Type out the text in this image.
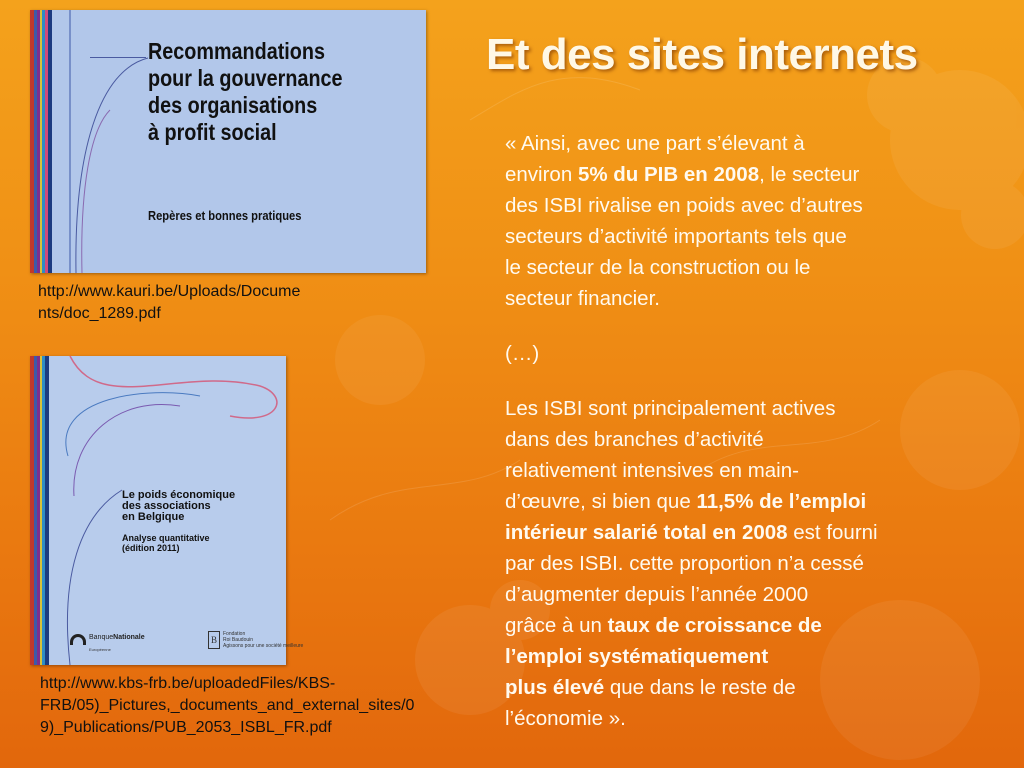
Et des sites internets
Recommandations
pour la gouvernance
des organisations
à profit social
Repères et bonnes pratiques

http://www.kauri.be/Uploads/Docume
nts/doc_1289.pdf

Le poids économique
des associations
en Belgique
Analyse quantitative
(édition 2011)
BanqueNationale
Européenne
B
Fondation
Roi Baudouin
Agissons pour une société meilleure

http://www.kbs-frb.be/uploadedFiles/KBS-
FRB/05)_Pictures,_documents_and_external_sites/0
9)_Publications/PUB_2053_ISBL_FR.pdf

« Ainsi, avec une part s’élevant à
environ 5% du PIB en 2008, le secteur
des ISBI rivalise en poids avec d’autres
secteurs d’activité importants tels que
le secteur de la construction ou le
secteur financier.

(…)

Les ISBI sont principalement actives
dans des branches d’activité
relativement intensives en main-
d’œuvre, si bien que 11,5% de l’emploi
intérieur salarié total en 2008 est fourni
par des ISBI. cette proportion n’a cessé
d’augmenter depuis l’année 2000
grâce à un taux de croissance de
l’emploi systématiquement
plus élevé que dans le reste de
l’économie ».
